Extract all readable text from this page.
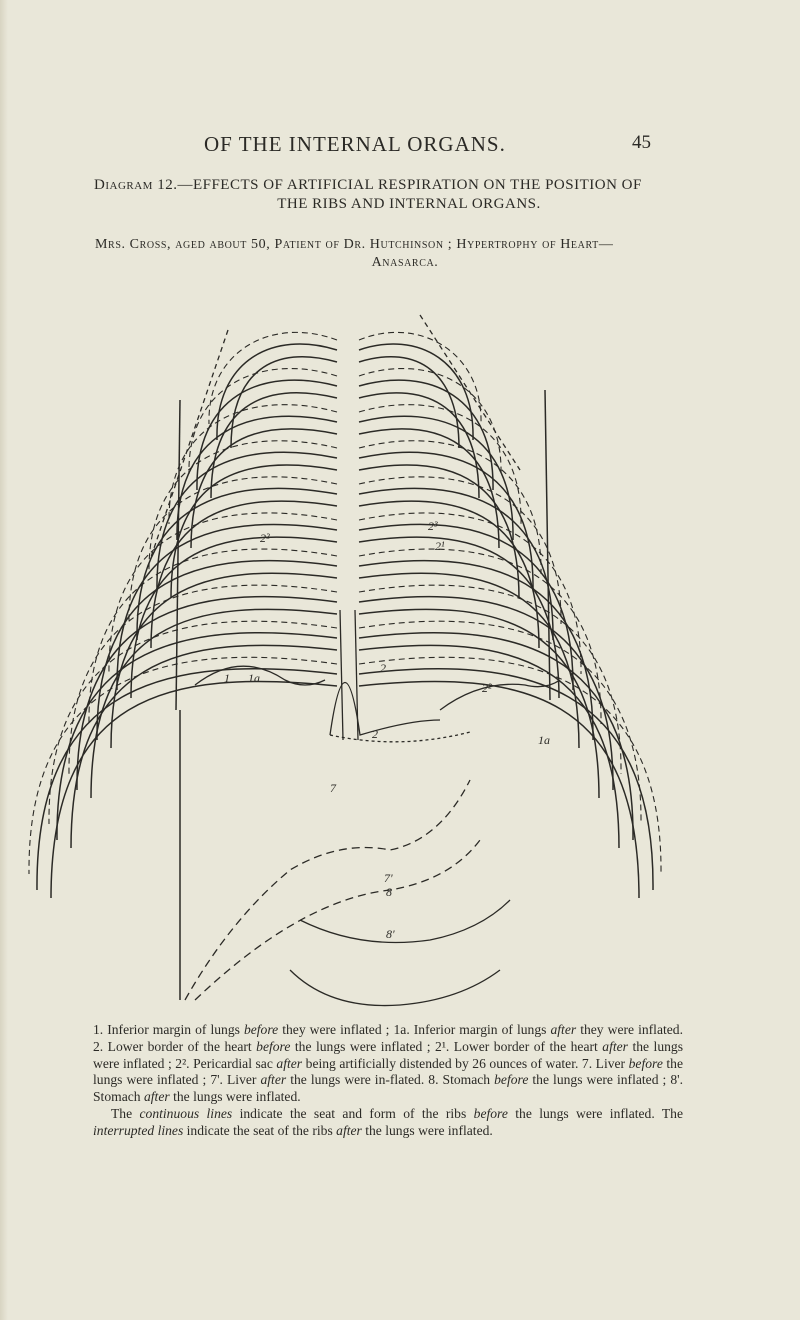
OF THE INTERNAL ORGANS.	45
Diagram 12.—EFFECTS OF ARTIFICIAL RESPIRATION ON THE POSITION OF
THE RIBS AND INTERNAL ORGANS.
Mrs. Cross, aged about 50, Patient of Dr. Hutchinson ; Hypertrophy of Heart—
Anasarca.
1 1a
1a
2
2
2¹
2²
2³
2²
7
7'
8
8'

1. Inferior margin of lungs before they were inflated ; 1a. Inferior margin of lungs after they were inflated. 2. Lower border of the heart before the lungs were inflated ; 2¹. Lower border of the heart after the lungs were inflated ; 2². Pericardial sac after being artificially distended by 26 ounces of water. 7. Liver before the lungs were inflated ; 7'. Liver after the lungs were in-flated. 8. Stomach before the lungs were inflated ; 8'. Stomach after the lungs were inflated.

The continuous lines indicate the seat and form of the ribs before the lungs were inflated. The interrupted lines indicate the seat of the ribs after the lungs were inflated.
